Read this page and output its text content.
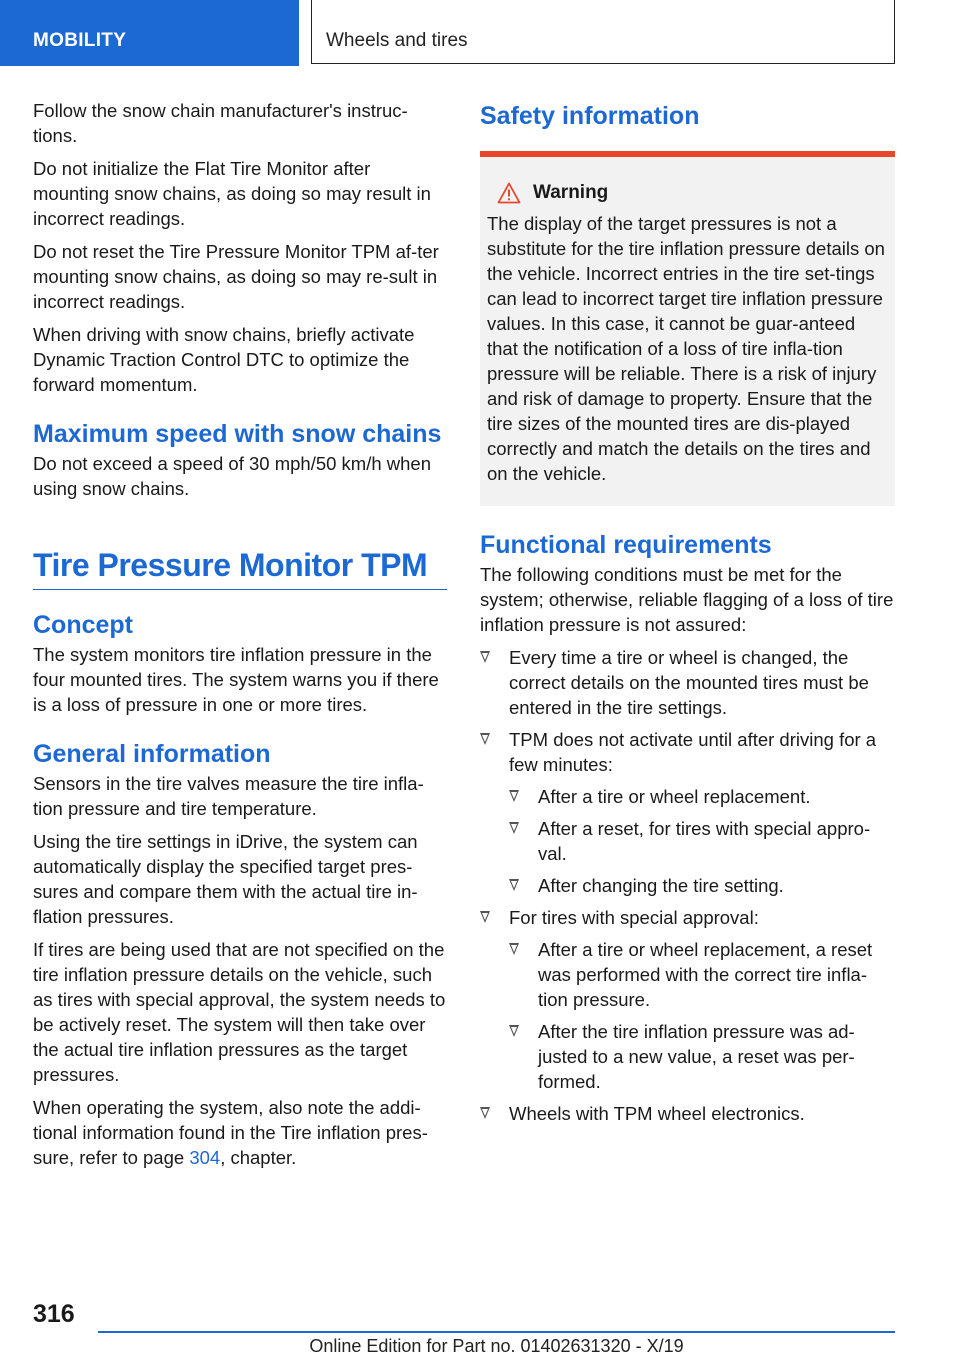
MOBILITY	Wheels and tires

Follow the snow chain manufacturer's instruc-tions.

Do not initialize the Flat Tire Monitor after mounting snow chains, as doing so may result in incorrect readings.

Do not reset the Tire Pressure Monitor TPM af-ter mounting snow chains, as doing so may re-sult in incorrect readings.

When driving with snow chains, briefly activate Dynamic Traction Control DTC to optimize the forward momentum.

Maximum speed with snow chains

Do not exceed a speed of 30 mph/50 km/h when using snow chains.

Tire Pressure Monitor TPM
Concept

The system monitors tire inflation pressure in the four mounted tires. The system warns you if there is a loss of pressure in one or more tires.

General information

Sensors in the tire valves measure the tire infla-tion pressure and tire temperature.

Using the tire settings in iDrive, the system can automatically display the specified target pres-sures and compare them with the actual tire in-flation pressures.

If tires are being used that are not specified on the tire inflation pressure details on the vehicle, such as tires with special approval, the system needs to be actively reset. The system will then take over the actual tire inflation pressures as the target pressures.

When operating the system, also note the addi-tional information found in the Tire inflation pres-sure, refer to page 304, chapter.

Safety information
Warning
The display of the target pressures is not a substitute for the tire inflation pressure details on the vehicle. Incorrect entries in the tire set-tings can lead to incorrect target tire inflation pressure values. In this case, it cannot be guar-anteed that the notification of a loss of tire infla-tion pressure will be reliable. There is a risk of injury and risk of damage to property. Ensure that the tire sizes of the mounted tires are dis-played correctly and match the details on the tires and on the vehicle.
Functional requirements

The following conditions must be met for the system; otherwise, reliable flagging of a loss of tire inflation pressure is not assured:

Every time a tire or wheel is changed, the correct details on the mounted tires must be entered in the tire settings.
TPM does not activate until after driving for a few minutes:
After a tire or wheel replacement.
After a reset, for tires with special appro-val.
After changing the tire setting.
For tires with special approval:
After a tire or wheel replacement, a reset was performed with the correct tire infla-tion pressure.
After the tire inflation pressure was ad-justed to a new value, a reset was per-formed.
Wheels with TPM wheel electronics.
316
Online Edition for Part no. 01402631320 - X/19
